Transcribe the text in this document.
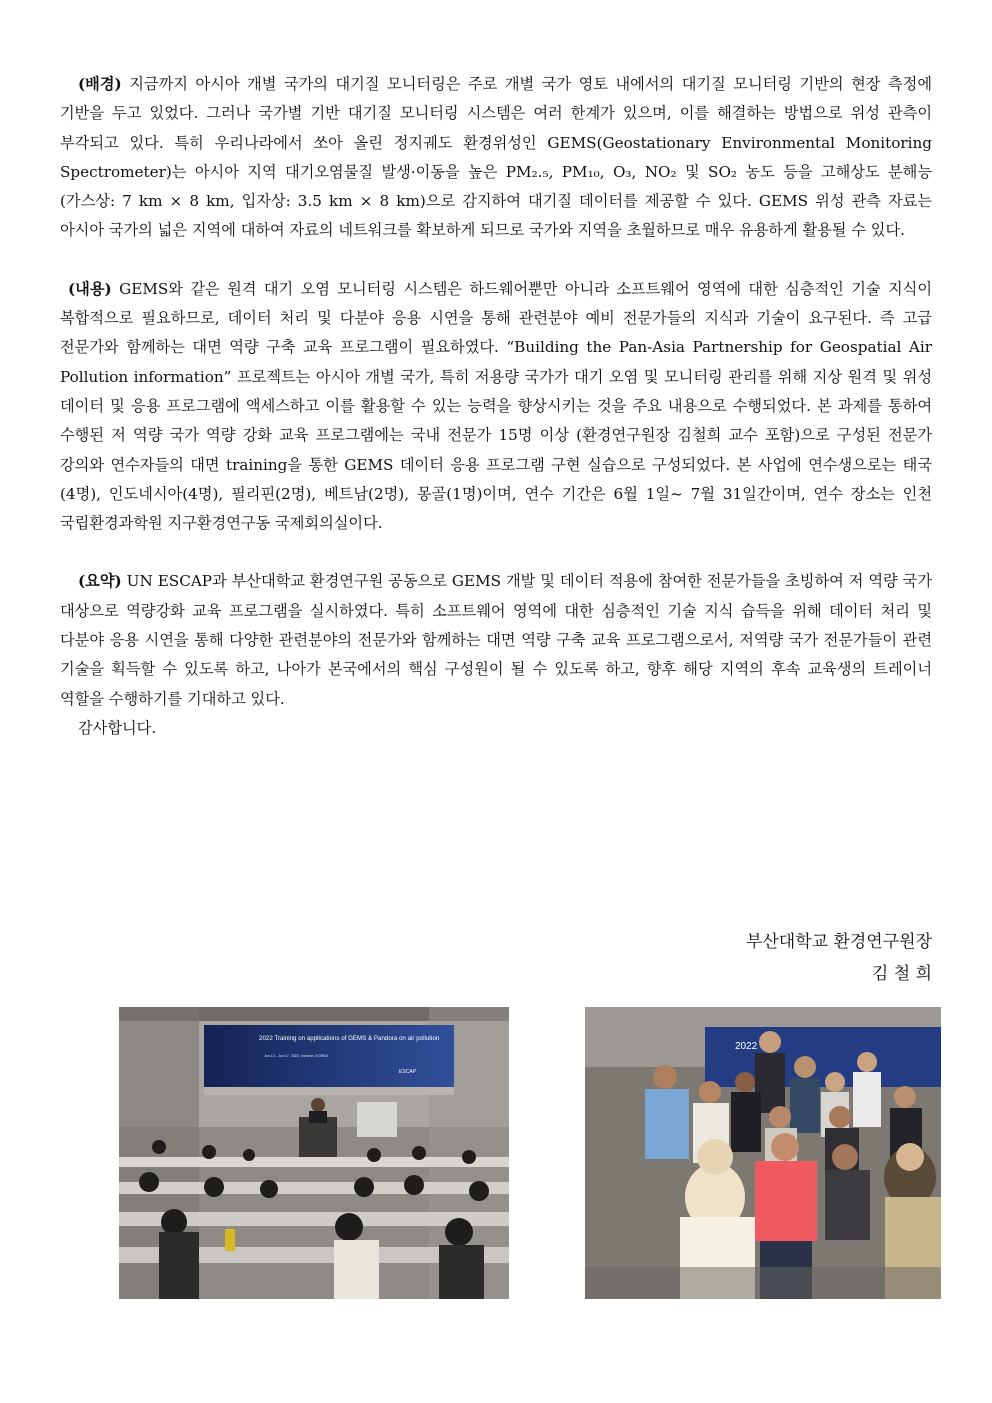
(배경) 지금까지 아시아 개별 국가의 대기질 모니터링은 주로 개별 국가 영토 내에서의 대기질 모니터링 기반의 현장 측정에 기반을 두고 있었다. 그러나 국가별 기반 대기질 모니터링 시스템은 여러 한계가 있으며, 이를 해결하는 방법으로 위성 관측이 부각되고 있다. 특히 우리나라에서 쏘아 올린 정지궤도 환경위성인 GEMS(Geostationary Environmental Monitoring Spectrometer)는 아시아 지역 대기오염물질 발생·이동을 높은 PM₂.₅, PM₁₀, O₃, NO₂ 및 SO₂ 농도 등을 고해상도 분해능 (가스상: 7 km × 8 km, 입자상: 3.5 km × 8 km)으로 감지하여 대기질 데이터를 제공할 수 있다. GEMS 위성 관측 자료는 아시아 국가의 넓은 지역에 대하여 자료의 네트워크를 확보하게 되므로 국가와 지역을 초월하므로 매우 유용하게 활용될 수 있다.

(내용) GEMS와 같은 원격 대기 오염 모니터링 시스템은 하드웨어뿐만 아니라 소프트웨어 영역에 대한 심층적인 기술 지식이 복합적으로 필요하므로, 데이터 처리 및 다분야 응용 시연을 통해 관련분야 예비 전문가들의 지식과 기술이 요구된다. 즉 고급 전문가와 함께하는 대면 역량 구축 교육 프로그램이 필요하였다. “Building the Pan-Asia Partnership for Geospatial Air Pollution information” 프로젝트는 아시아 개별 국가, 특히 저용량 국가가 대기 오염 및 모니터링 관리를 위해 지상 원격 및 위성 데이터 및 응용 프로그램에 액세스하고 이를 활용할 수 있는 능력을 향상시키는 것을 주요 내용으로 수행되었다. 본 과제를 통하여 수행된 저 역량 국가 역량 강화 교육 프로그램에는 국내 전문가 15명 이상 (환경연구원장 김철희 교수 포함)으로 구성된 전문가 강의와 연수자들의 대면 training을 통한 GEMS 데이터 응용 프로그램 구현 실습으로 구성되었다. 본 사업에 연수생으로는 태국 (4명), 인도네시아(4명), 필리핀(2명), 베트남(2명), 몽골(1명)이며, 연수 기간은 6월 1일~ 7월 31일간이며, 연수 장소는 인천 국립환경과학원 지구환경연구동 국제회의실이다.

(요약) UN ESCAP과 부산대학교 환경연구원 공동으로 GEMS 개발 및 데이터 적용에 참여한 전문가들을 초빙하여 저 역량 국가 대상으로 역량강화 교육 프로그램을 실시하였다. 특히 소프트웨어 영역에 대한 심층적인 기술 지식 습득을 위해 데이터 처리 및 다분야 응용 시연을 통해 다양한 관련분야의 전문가와 함께하는 대면 역량 구축 교육 프로그램으로서, 저역량 국가 전문가들이 관련 기술을 획득할 수 있도록 하고, 나아가 본국에서의 핵심 구성원이 될 수 있도록 하고, 향후 해당 지역의 후속 교육생의 트레이너 역할을 수행하기를 기대하고 있다.

감사합니다.

부산대학교 환경연구원장
김 철 희
2022 Training on applications of GEMS & Pandora on air pollution
Jun 13 - Jun 17, 2022, Incheon, KOREA
ESCAP
2022
